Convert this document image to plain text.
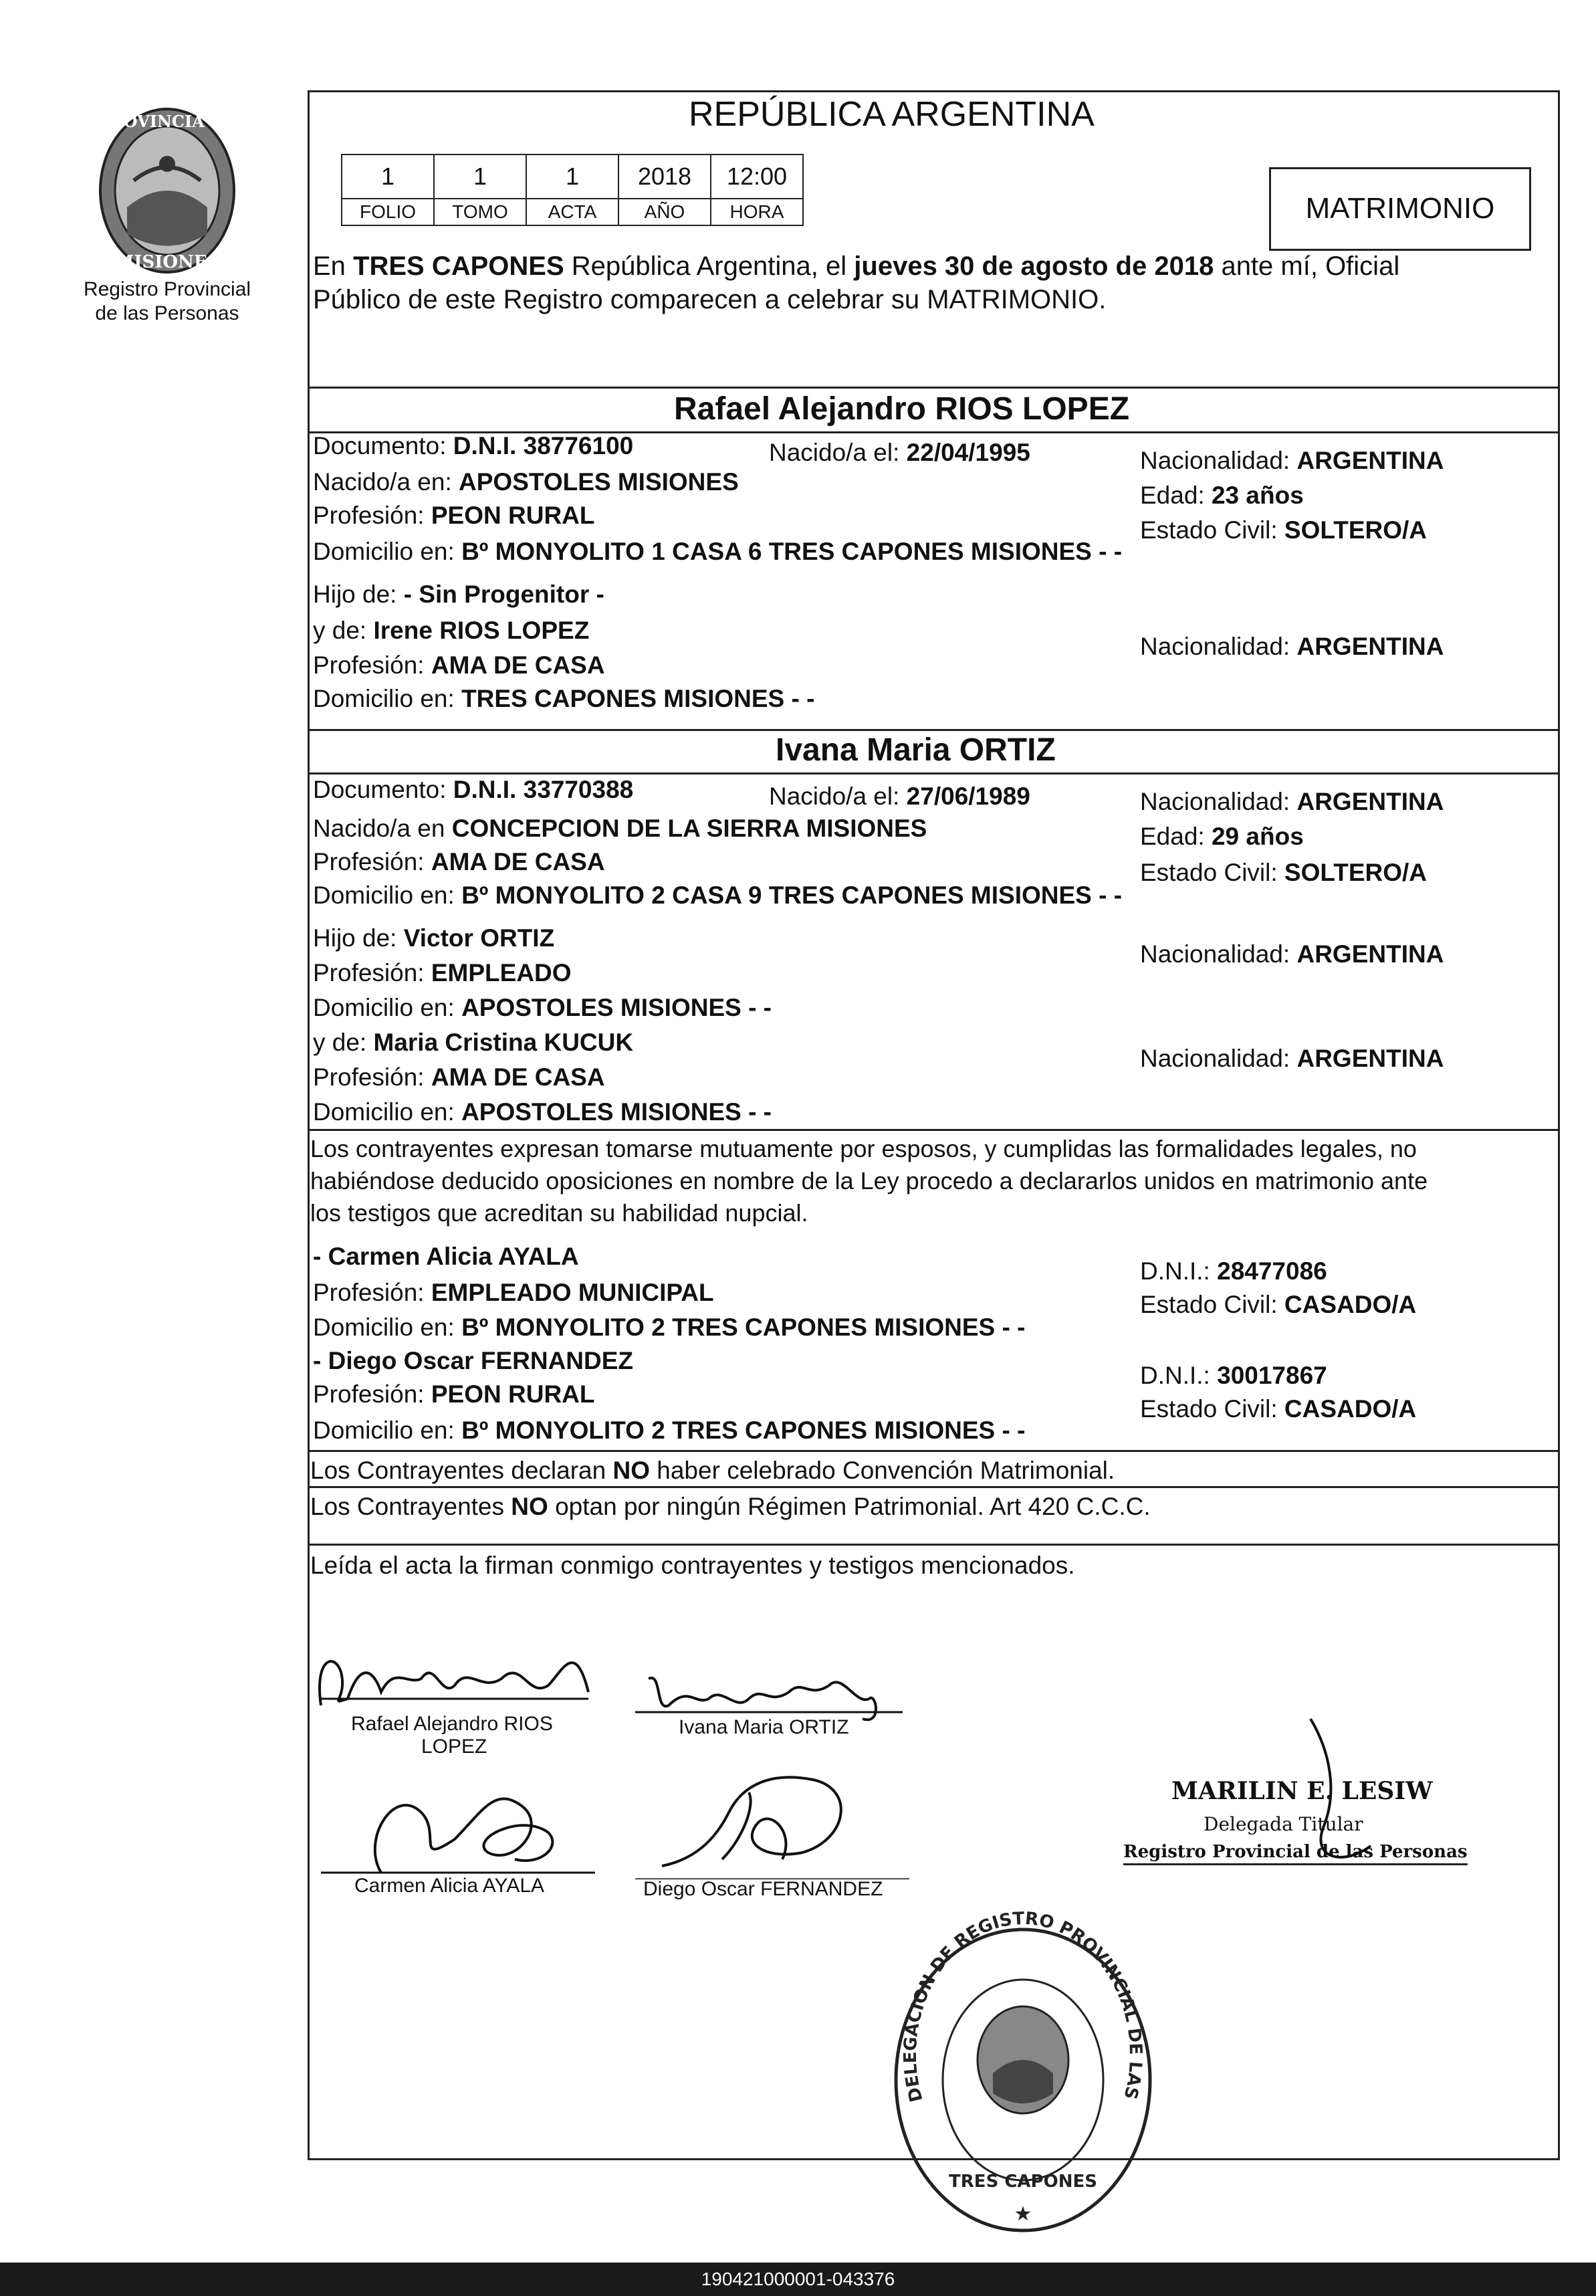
PROVINCIA DE
MISIONES
Registro Provincial
de las Personas
REPÚBLICA ARGENTINA
1	1	1	2018	12:00
FOLIO	TOMO	ACTA	AÑO	HORA	MATRIMONIO
En TRES CAPONES República Argentina, el jueves 30 de agosto de 2018 ante mí, Oficial
Público de este Registro comparecen a celebrar su MATRIMONIO.
Rafael Alejandro RIOS LOPEZ
Documento: D.N.I. 38776100	Nacido/a el: 22/04/1995	Nacionalidad: ARGENTINA
Nacido/a en: APOSTOLES MISIONES	Edad: 23 años
Profesión: PEON RURAL
Estado Civil: SOLTERO/A
Domicilio en: Bº MONYOLITO 1 CASA 6 TRES CAPONES MISIONES - -
Hijo de: - Sin Progenitor -
y de: Irene RIOS LOPEZ
Nacionalidad: ARGENTINA
Profesión: AMA DE CASA
Domicilio en: TRES CAPONES MISIONES - -
Ivana Maria ORTIZ
Documento: D.N.I. 33770388	Nacido/a el: 27/06/1989	Nacionalidad: ARGENTINA
Nacido/a en CONCEPCION DE LA SIERRA MISIONES	Edad: 29 años
Profesión: AMA DE CASA	Estado Civil: SOLTERO/A
Domicilio en: Bº MONYOLITO 2 CASA 9 TRES CAPONES MISIONES - -
Hijo de: Victor ORTIZ
Nacionalidad: ARGENTINA
Profesión: EMPLEADO
Domicilio en: APOSTOLES MISIONES - -
y de: Maria Cristina KUCUK
Nacionalidad: ARGENTINA
Profesión: AMA DE CASA
Domicilio en: APOSTOLES MISIONES - -
Los contrayentes expresan tomarse mutuamente por esposos, y cumplidas las formalidades legales, no
habiéndose deducido oposiciones en nombre de la Ley procedo a declararlos unidos en matrimonio ante
los testigos que acreditan su habilidad nupcial.
- Carmen Alicia AYALA
D.N.I.: 28477086
Profesión: EMPLEADO MUNICIPAL	Estado Civil: CASADO/A
Domicilio en: Bº MONYOLITO 2 TRES CAPONES MISIONES - -
- Diego Oscar FERNANDEZ
D.N.I.: 30017867
Profesión: PEON RURAL
Estado Civil: CASADO/A
Domicilio en: Bº MONYOLITO 2 TRES CAPONES MISIONES - -
Los Contrayentes declaran NO haber celebrado Convención Matrimonial.
Los Contrayentes NO optan por ningún Régimen Patrimonial. Art 420 C.C.C.
Leída el acta la firman conmigo contrayentes y testigos mencionados.
Rafael Alejandro RIOS
LOPEZ
Ivana Maria ORTIZ
Carmen Alicia AYALA	Diego Oscar FERNANDEZ
MARILIN E. LESIW
Delegada Titular
Registro Provincial de las Personas
DELEGACION DE REGISTRO PROVINCIAL DE LAS
TRES CAPONES
★
190421000001-043376
